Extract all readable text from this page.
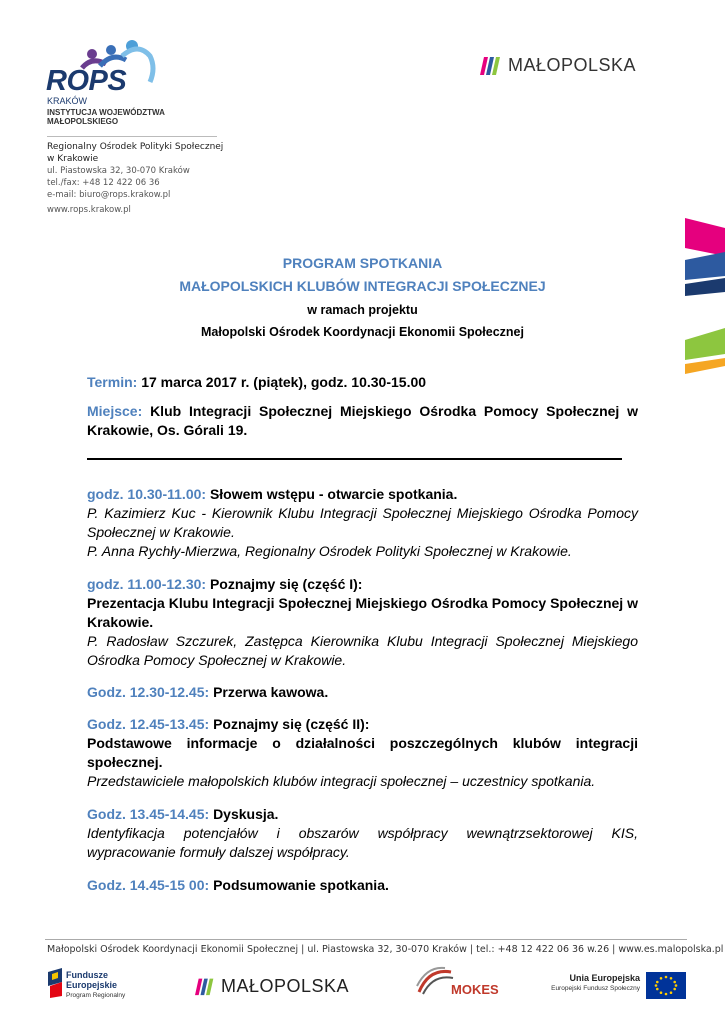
ROPS
KRAKÓW
INSTYTUCJA WOJEWÓDZTWA MAŁOPOLSKIEGO
Regionalny Ośrodek Polityki Społecznej
w Krakowie
ul. Piastowska 32, 30-070 Kraków
tel./fax: +48 12 422 06 36
e-mail: biuro@rops.krakow.pl
www.rops.krakow.pl
MAŁOPOLSKA
PROGRAM SPOTKANIA
MAŁOPOLSKICH KLUBÓW INTEGRACJI SPOŁECZNEJ
w ramach projektu
Małopolski Ośrodek Koordynacji Ekonomii Społecznej
Termin: 17 marca 2017 r. (piątek), godz. 10.30-15.00
Miejsce: Klub Integracji Społecznej Miejskiego Ośrodka Pomocy Społecznej w Krakowie, Os. Górali 19.
godz. 10.30-11.00: Słowem wstępu - otwarcie spotkania.
P. Kazimierz Kuc - Kierownik Klubu Integracji Społecznej Miejskiego Ośrodka Pomocy Społecznej w Krakowie.
P. Anna Rychły-Mierzwa, Regionalny Ośrodek Polityki Społecznej w Krakowie.
godz. 11.00-12.30: Poznajmy się (część I):
Prezentacja Klubu Integracji Społecznej Miejskiego Ośrodka Pomocy Społecznej w Krakowie.
P. Radosław Szczurek, Zastępca Kierownika Klubu Integracji Społecznej Miejskiego Ośrodka Pomocy Społecznej w Krakowie.
Godz. 12.30-12.45: Przerwa kawowa.
Godz. 12.45-13.45: Poznajmy się (część II):
Podstawowe informacje o działalności poszczególnych klubów integracji społecznej.
Przedstawiciele małopolskich klubów integracji społecznej – uczestnicy spotkania.
Godz. 13.45-14.45: Dyskusja.
Identyfikacja potencjałów i obszarów współpracy wewnątrzsektorowej KIS, wypracowanie formuły dalszej współpracy.
Godz. 14.45-15 00: Podsumowanie spotkania.
Małopolski Ośrodek Koordynacji Ekonomii Społecznej | ul. Piastowska 32, 30-070 Kraków | tel.: +48 12 422 06 36 w.26 | www.es.malopolska.pl
Fundusze
Europejskie
Program Regionalny	MAŁOPOLSKA	MOKES
Unia Europejska
Europejski Fundusz Społeczny
